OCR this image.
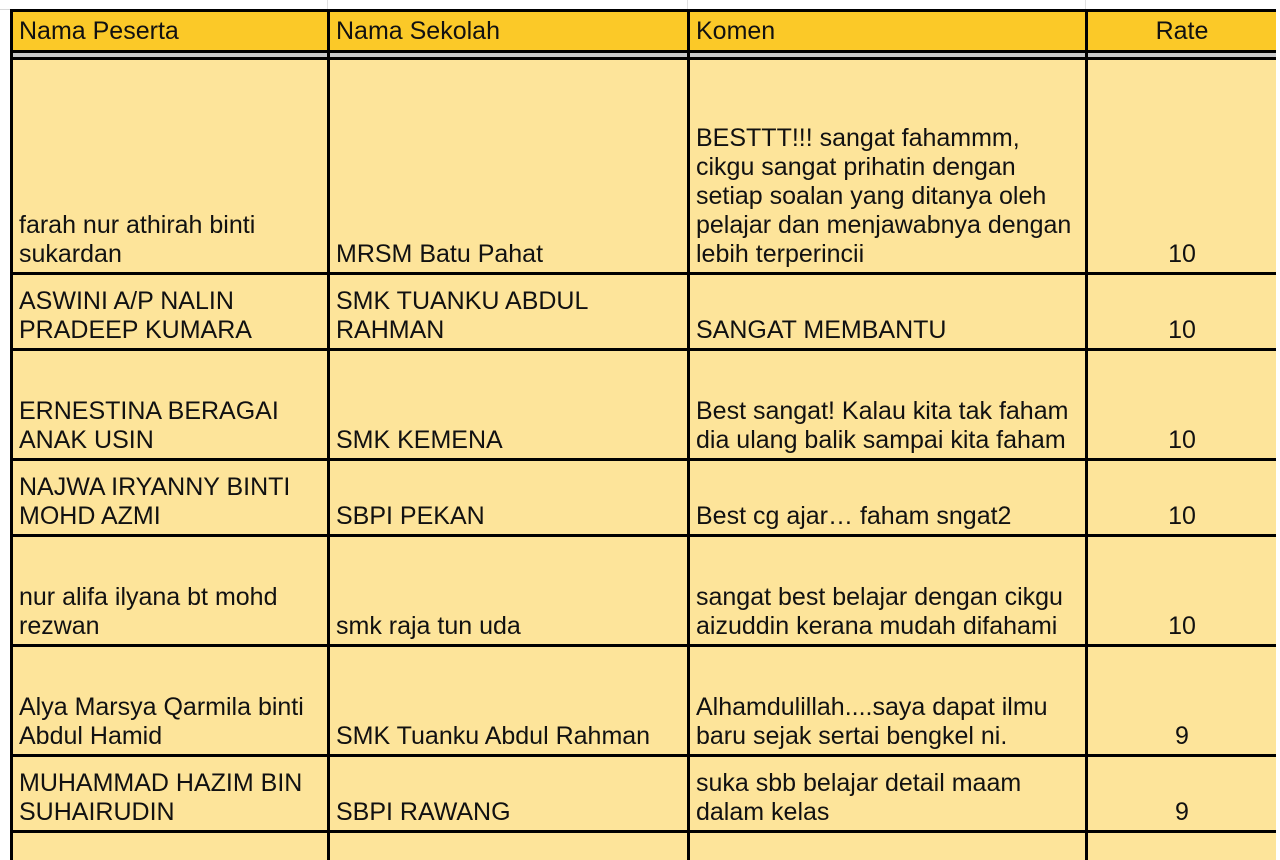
Nama Peserta	Nama Sekolah	Komen	Rate

farah nur athirah binti sukardan	MRSM Batu Pahat	BESTTT!!! sangat fahammm, cikgu sangat prihatin dengan setiap soalan yang ditanya oleh pelajar dan menjawabnya dengan lebih terperincii	10
ASWINI A/P NALIN PRADEEP KUMARA	SMK TUANKU ABDUL RAHMAN	SANGAT MEMBANTU	10
ERNESTINA BERAGAI ANAK USIN	SMK KEMENA	Best sangat! Kalau kita tak faham dia ulang balik sampai kita faham	10
NAJWA IRYANNY BINTI MOHD AZMI	SBPI PEKAN	Best cg ajar… faham sngat2	10
nur alifa ilyana bt mohd rezwan	smk raja tun uda	sangat best belajar dengan cikgu aizuddin kerana mudah difahami	10
Alya Marsya Qarmila binti Abdul Hamid	SMK Tuanku Abdul Rahman	Alhamdulillah....saya dapat ilmu baru sejak sertai bengkel ni.	9
MUHAMMAD HAZIM BIN SUHAIRUDIN	SBPI RAWANG	suka sbb belajar detail maam dalam kelas	9
